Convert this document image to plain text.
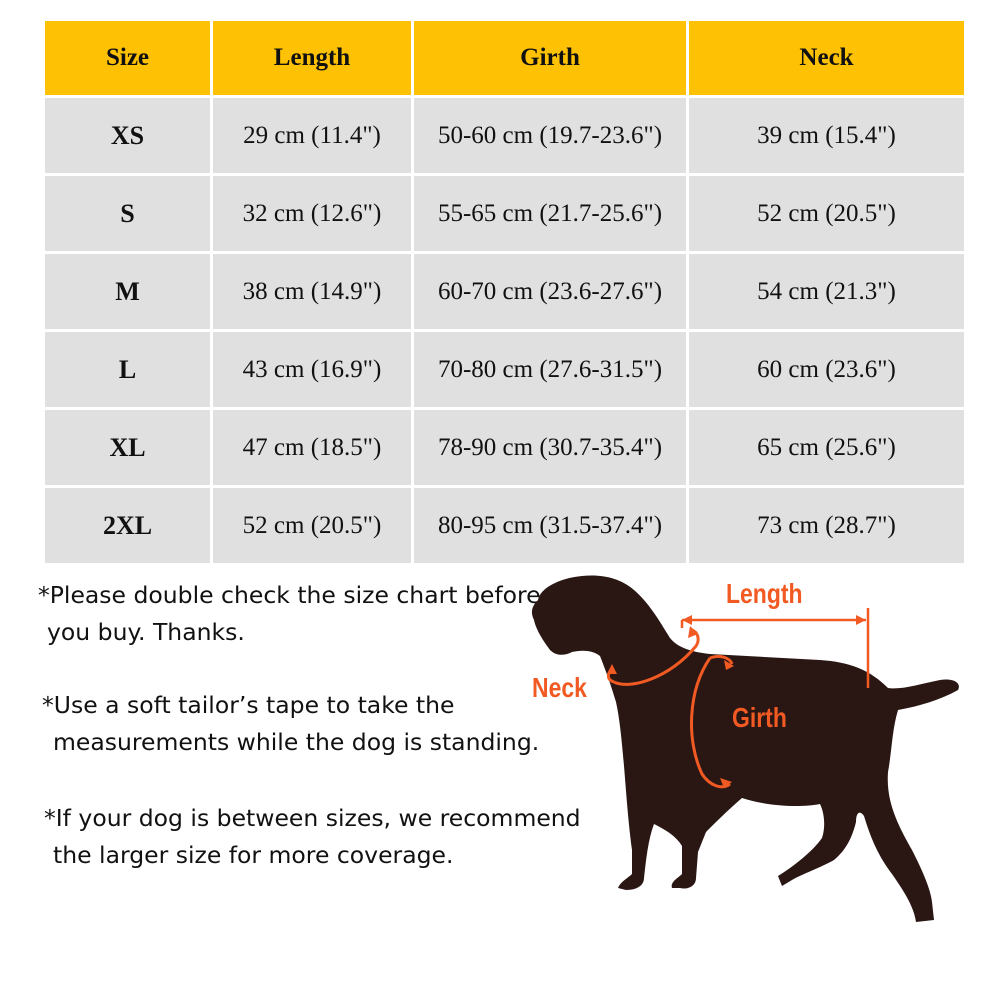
Size	Length	Girth	Neck
XS	29 cm (11.4")	50-60 cm (19.7-23.6")	39 cm (15.4")
S	32 cm (12.6")	55-65 cm (21.7-25.6")	52 cm (20.5")
M	38 cm (14.9")	60-70 cm (23.6-27.6")	54 cm (21.3")
L	43 cm (16.9")	70-80 cm (27.6-31.5")	60 cm (23.6")
XL	47 cm (18.5")	78-90 cm (30.7-35.4")	65 cm (25.6")
2XL	52 cm (20.5")	80-95 cm (31.5-37.4")	73 cm (28.7")
*Please double check the size chart before
you buy. Thanks.
*Use a soft tailor’s tape to take the
measurements while the dog is standing.
*If your dog is between sizes, we recommend
the larger size for more coverage.
Length
Neck
Girth
